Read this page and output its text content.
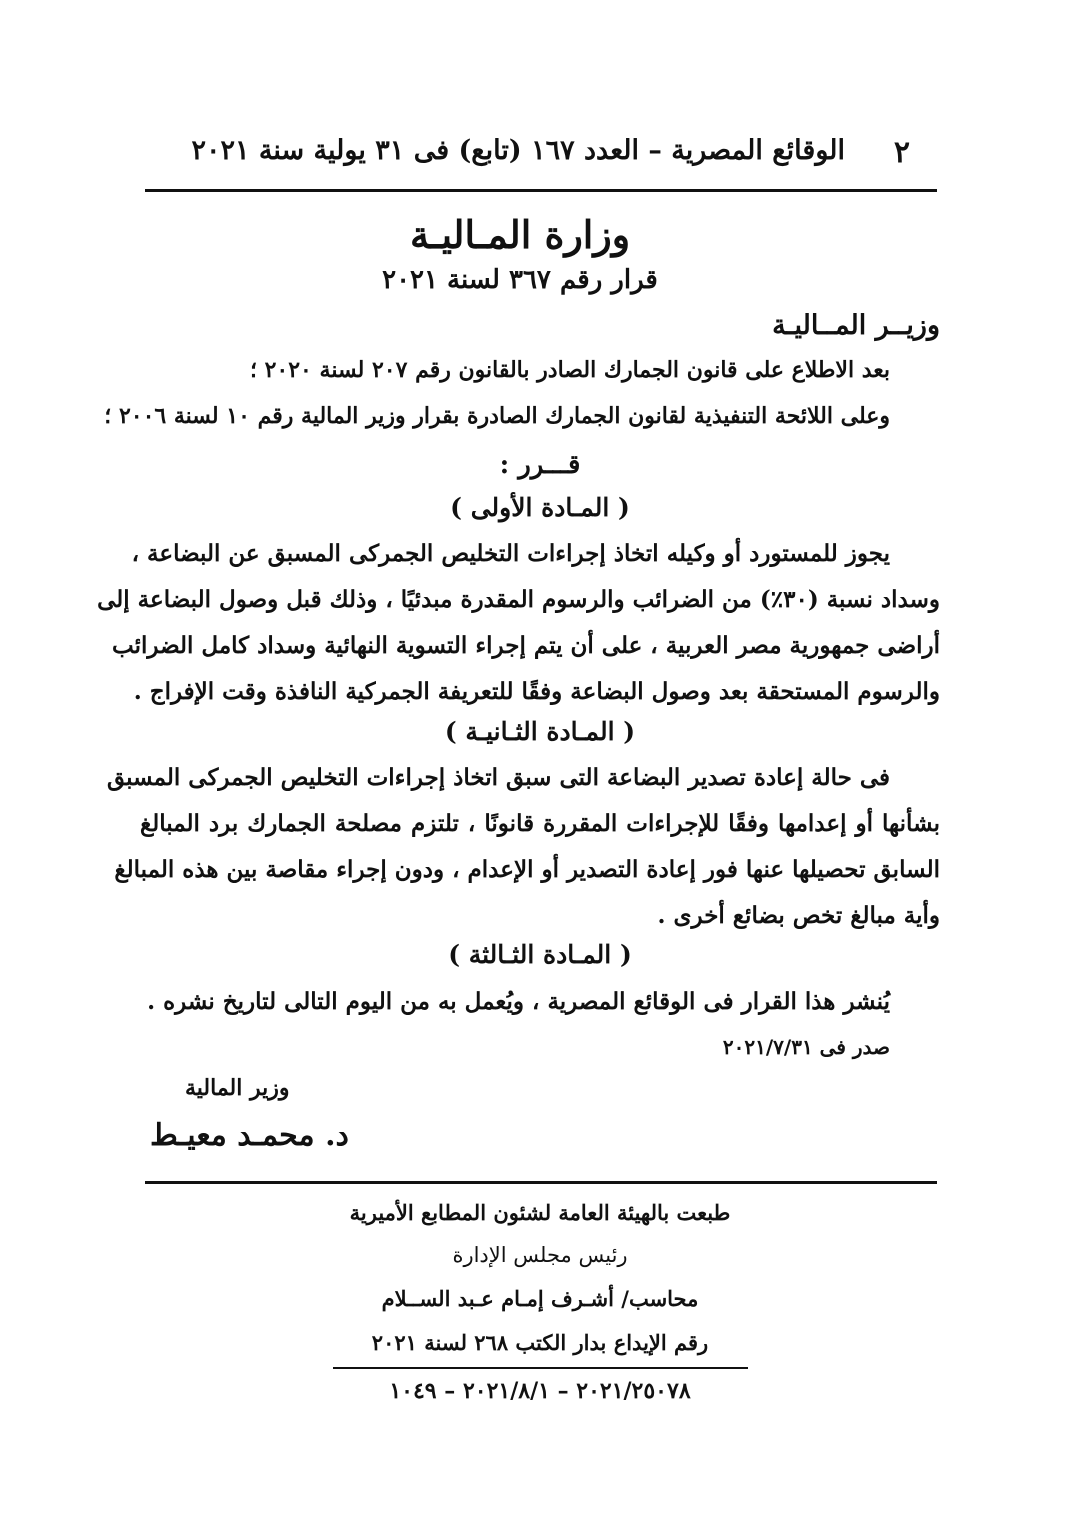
٢
الوقائع المصرية – العدد ١٦٧ (تابع) فى ٣١ يولية سنة ٢٠٢١
وزارة المـاليـة
قرار رقم ٣٦٧ لسنة ٢٠٢١
وزيــر المــاليـة
بعد الاطلاع على قانون الجمارك الصادر بالقانون رقم ٢٠٧ لسنة ٢٠٢٠ ؛
وعلى اللائحة التنفيذية لقانون الجمارك الصادرة بقرار وزير المالية رقم ١٠ لسنة ٢٠٠٦ ؛
قـــرر :
( المـادة الأولى )
يجوز للمستورد أو وكيله اتخاذ إجراءات التخليص الجمركى المسبق عن البضاعة ،
وسداد نسبة (٣٠٪) من الضرائب والرسوم المقدرة مبدئيًا ، وذلك قبل وصول البضاعة إلى
أراضى جمهورية مصر العربية ، على أن يتم إجراء التسوية النهائية وسداد كامل الضرائب
والرسوم المستحقة بعد وصول البضاعة وفقًا للتعريفة الجمركية النافذة وقت الإفراج .
( المـادة الثـانيـة )
فى حالة إعادة تصدير البضاعة التى سبق اتخاذ إجراءات التخليص الجمركى المسبق
بشأنها أو إعدامها وفقًا للإجراءات المقررة قانونًا ، تلتزم مصلحة الجمارك برد المبالغ
السابق تحصيلها عنها فور إعادة التصدير أو الإعدام ، ودون إجراء مقاصة بين هذه المبالغ
وأية مبالغ تخص بضائع أخرى .
( المـادة الثـالثة )
يُنشر هذا القرار فى الوقائع المصرية ، ويُعمل به من اليوم التالى لتاريخ نشره .
صدر فى ٢٠٢١/٧/٣١
وزير المالية
د. محمـد معيـط
طبعت بالهيئة العامة لشئون المطابع الأميرية
رئيس مجلس الإدارة
محاسب/ أشـرف إمـام عـبد الســلام
رقم الإيداع بدار الكتب ٢٦٨ لسنة ٢٠٢١
٢٠٢١/٢٥٠٧٨ – ٢٠٢١/٨/١ – ١٠٤٩
